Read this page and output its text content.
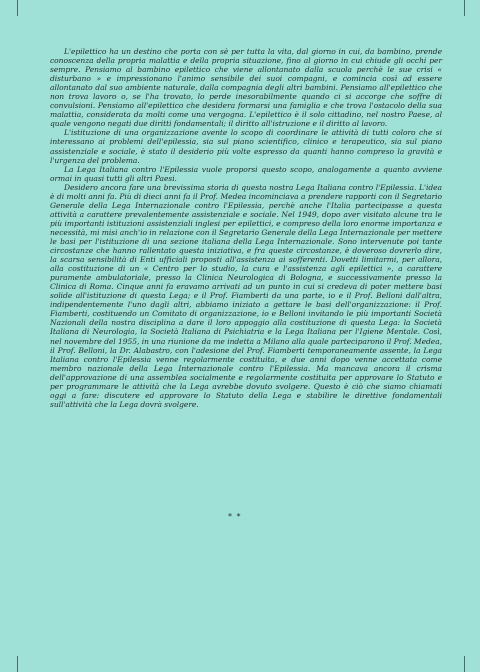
L'epilettico ha un destino che porta con sè per tutta la vita, dal giorno in cui, da bambino, prende conoscenza della propria malattia e della propria situazione, fino al giorno in cui chiude gli occhi per sempre. Pensiamo al bambino epilettico che viene allontanato dalla scuola perchè le sue crisi « disturbano » e impressionano l'animo sensibile dei suoi compagni, e comincia così ad essere allontanato dal suo ambiente naturale, dalla compagnia degli altri bambini. Pensiamo all'epilettico che non trova lavoro o, se l'ha trovato, lo perde inesorabilmente quando ci si accorge che soffre di convulsioni. Pensiamo all'epilettico che desidera formarsi una famiglia e che trova l'ostacolo della sua malattia, considerata da molti come una vergogna. L'epilettico è il solo cittadino, nel nostro Paese, al quale vengono negati due diritti fondamentali; il diritto all'istruzione e il diritto al lavoro.

L'istituzione di una organizzazione avente lo scopo di coordinare le attività di tutti coloro che si interessano ai problemi dell'epilessia, sia sul piano scientifico, clinico e terapeutico, sia sul piano assistenziale e sociale, è stato il desiderio più volte espresso da quanti hanno compreso la gravità e l'urgenza del problema.

La Lega Italiana contro l'Epilessia vuole proporsi questo scopo, analogamente a quanto avviene ormai in quasi tutti gli altri Paesi.

Desidero ancora fare una brevissima storia di questa nostra Lega Italiana contro l'Epilessia. L'idea è di molti anni fa. Più di dieci anni fa il Prof. Medea incominciava a prendere rapporti con il Segretario Generale della Lega Internazionale contro l'Epilessia, perchè anche l'Italia partecipasse a questa attività a carattere prevalentemente assistenziale e sociale. Nel 1949, dopo aver visitato alcune tra le più importanti istituzioni assistenziali inglesi per epilettici, e compreso della loro enorme importanza e necessità, mi misi anch'io in relazione con il Segretario Generale della Lega Internazionale per mettere le basi per l'istituzione di una sezione italiana della Lega Internazionale. Sono intervenute poi tante circostanze che hanno rallentato questa iniziativa, e fra queste circostanze, è doveroso dovrerlo dire, la scarsa sensibilità di Enti ufficiali proposti all'assistenza ai sofferenti. Dovetti limitarmi, per allora, alla costituzione di un « Centro per lo studio, la cura e l'assistenza agli epilettici », a carattere puramente ambulatoriale, presso la Clinica Neurologica di Bologna, e successivamente presso la Clinica di Roma. Cinque anni fa eravamo arrivati ad un punto in cui si credeva di poter mettere basi solide all'istituzione di questa Lega; e il Prof. Fiamberti da una parte, io e il Prof. Belloni dall'altra, indipendentemente l'uno dagli altri, abbiamo iniziato a gettare le basi dell'organizzazione: il Prof. Fiamberti, costituendo un Comitato di organizzazione, io e Belloni invitando le più importanti Società Nazionali della nostra disciplina a dare il loro appoggio alla costituzione di questa Lega: la Società Italiana di Neurologia, la Società Italiana di Psichiatria e la Lega Italiana per l'Igiene Mentale. Così, nel novembre del 1955, in una riunione da me indetta a Milano alla quale parteciparono il Prof. Medea, il Prof. Belloni, la Dr. Alabastro, con l'adesione del Prof. Fiamberti temporaneamente assente, la Lega Italiana contro l'Epilessia venne regolarmente costituita, e due anni dopo venne accettata come membro nazionale della Lega Internazionale contro l'Epilessia. Ma mancava ancora il crisma dell'approvazione di una assemblea socialmente e regolarmente costituita per approvare lo Statuto e per programmare le attività che la Lega avrebbe dovuto svolgere. Questo è ciò che siamo chiamati oggi a fare: discutere ed approvare lo Statuto della Lega e stabilire le direttive fondamentali sull'attività che la Lega dovrà svolgere.

* *
